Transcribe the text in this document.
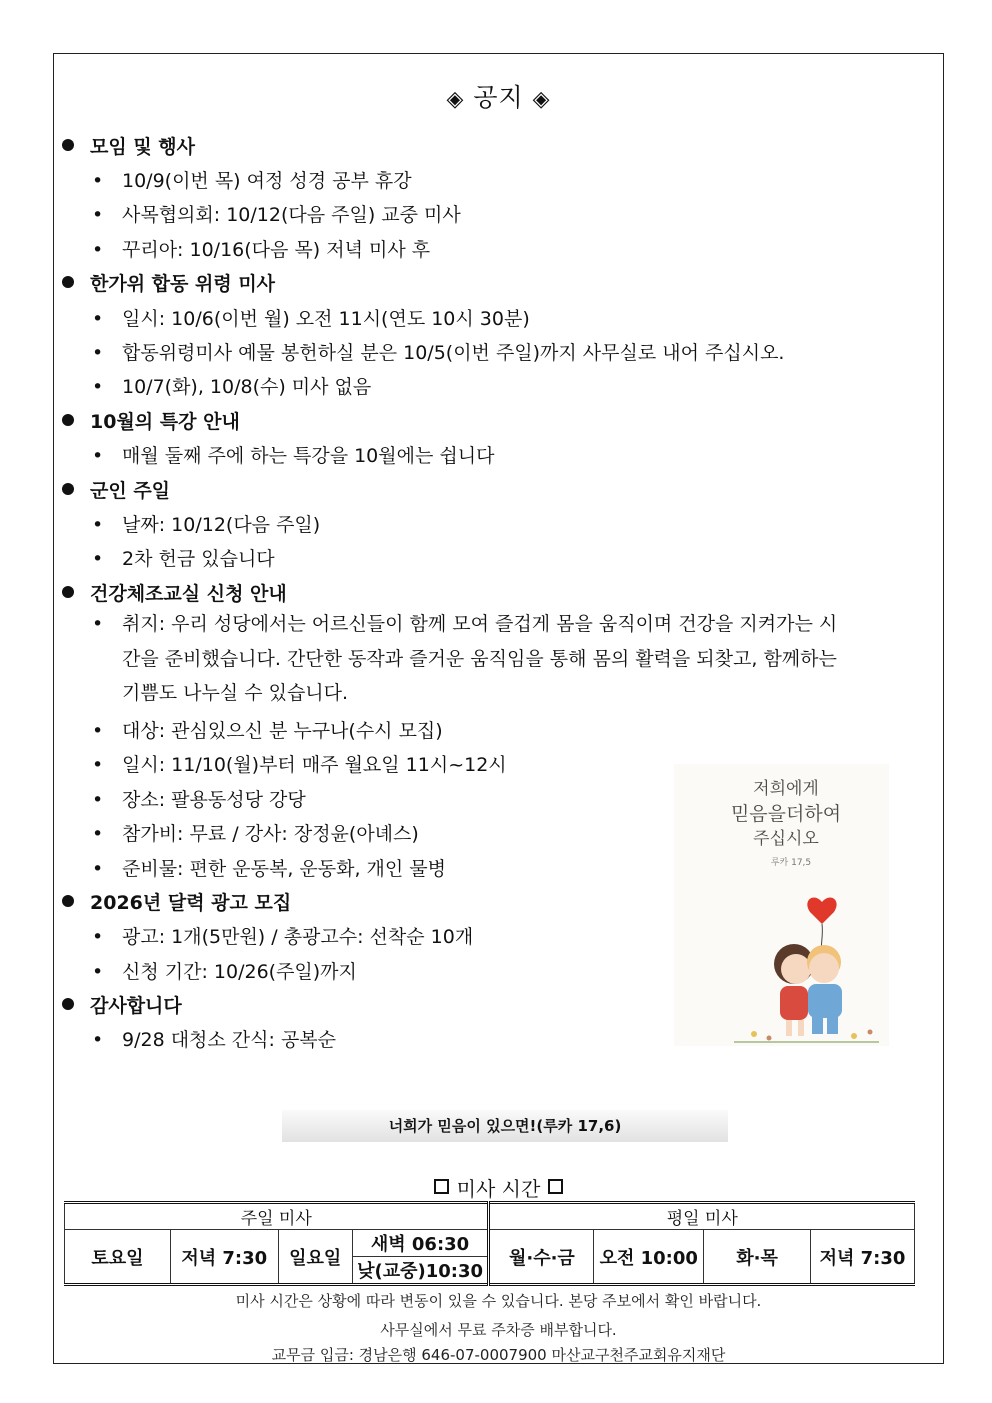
◈ 공지 ◈
모임 및 행사
• 10/9(이번 목) 여정 성경 공부 휴강
• 사목협의회: 10/12(다음 주일) 교중 미사
• 꾸리아: 10/16(다음 목) 저녁 미사 후
한가위 합동 위령 미사
• 일시: 10/6(이번 월) 오전 11시(연도 10시 30분)
• 합동위령미사 예물 봉헌하실 분은 10/5(이번 주일)까지 사무실로 내어 주십시오.
• 10/7(화), 10/8(수) 미사 없음
10월의 특강 안내
• 매월 둘째 주에 하는 특강을 10월에는 쉽니다
군인 주일
• 날짜: 10/12(다음 주일)
• 2차 헌금 있습니다
건강체조교실 신청 안내
• 취지: 우리 성당에서는 어르신들이 함께 모여 즐겁게 몸을 움직이며 건강을 지켜가는 시
간을 준비했습니다. 간단한 동작과 즐거운 움직임을 통해 몸의 활력을 되찾고, 함께하는
기쁨도 나누실 수 있습니다.
• 대상: 관심있으신 분 누구나(수시 모집)
• 일시: 11/10(월)부터 매주 월요일 11시~12시
• 장소: 팔용동성당 강당
• 참가비: 무료 / 강사: 장정윤(아녜스)
• 준비물: 편한 운동복, 운동화, 개인 물병
2026년 달력 광고 모집
• 광고: 1개(5만원) / 총광고수: 선착순 10개
• 신청 기간: 10/26(주일)까지
감사합니다
• 9/28 대청소 간식: 공복순
저희에게
믿음을더하여
주십시오
루카 17,5
너희가 믿음이 있으면!(루카 17,6)
미사 시간
주일 미사				평일 미사			
토요일	저녁 7:30	일요일	새벽 06:30	월·수·금	오전 10:00	화·목	저녁 7:30
			낮(교중)10:30				
미사 시간은 상황에 따라 변동이 있을 수 있습니다. 본당 주보에서 확인 바랍니다.
사무실에서 무료 주차증 배부합니다.
교무금 입금: 경남은행 646-07-0007900 마산교구천주교회유지재단
